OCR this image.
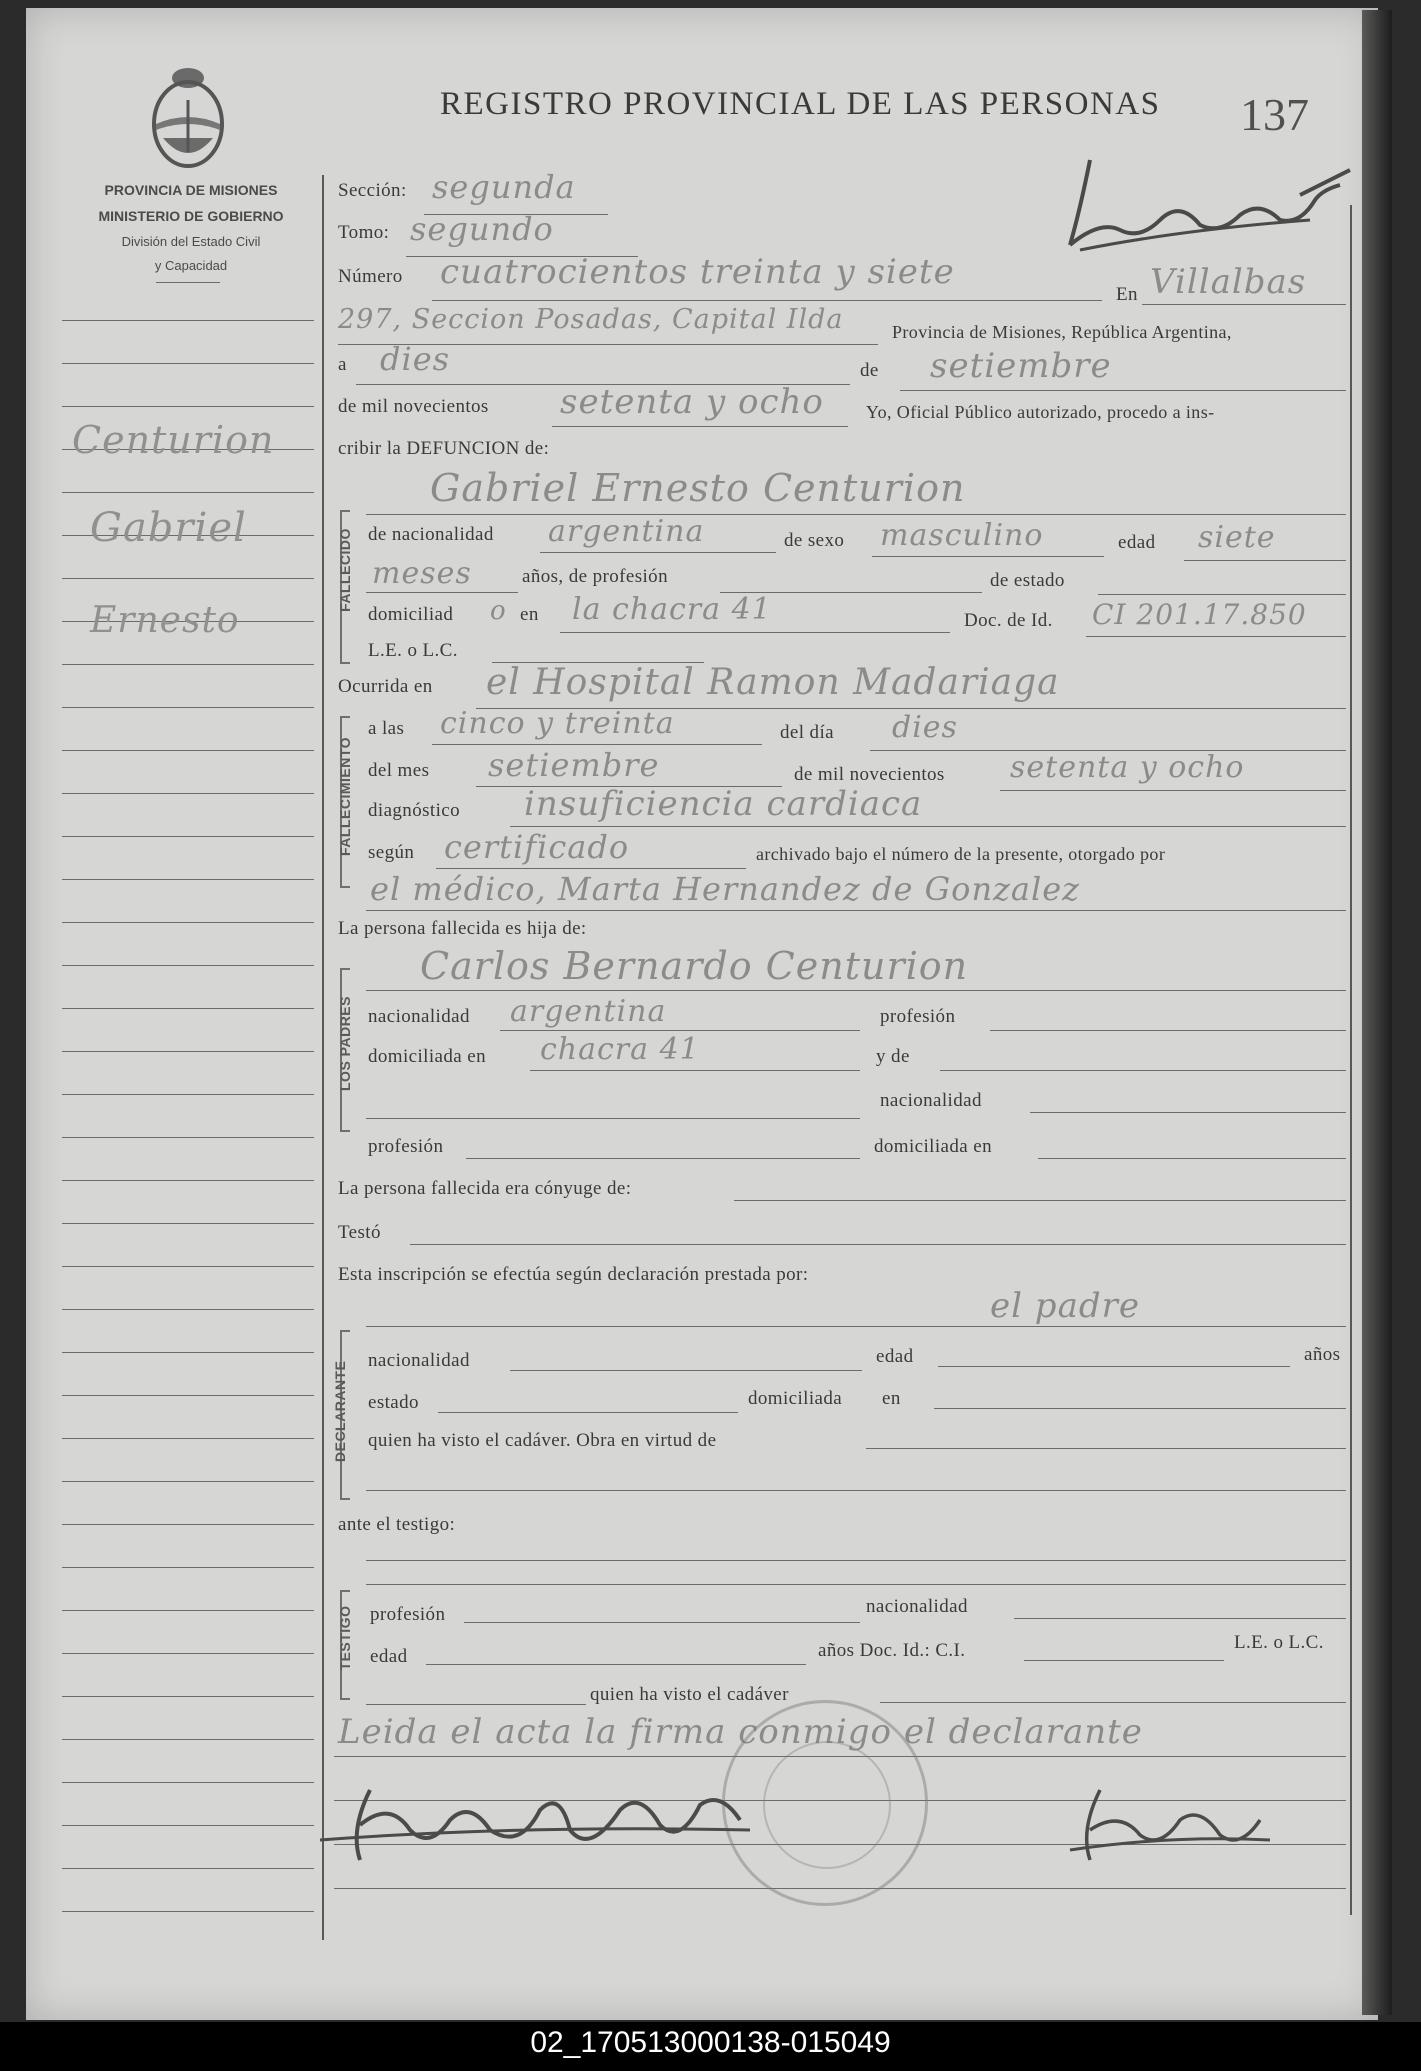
PROVINCIA DE MISIONES
MINISTERIO DE GOBIERNO
División del Estado Civil
y Capacidad
REGISTRO PROVINCIAL DE LAS PERSONAS 137
Centurion
Gabriel
Ernesto
Sección: segunda
Tomo: segundo
Número cuatrocientos treinta y siete
En Villalbas
297, Seccion Posadas, Capital Ilda	Provincia de Misiones, República Argentina,
a dies	de setiembre
de mil novecientos setenta y ocho Yo, Oficial Público autorizado, procedo a ins-
cribir la DEFUNCION de:
FALLECIDO
Gabriel Ernesto Centurion
de nacionalidad argentina	de sexo masculino	edad siete
meses	años, de profesión	de estado
domiciliad o en la chacra 41	Doc. de Id. CI 201.17.850
L.E. o L.C.
Ocurrida en el Hospital Ramon Madariaga
FALLECIMIENTO
a las cinco y treinta	del día dies
del mes setiembre	de mil novecientos setenta y ocho
diagnóstico insuficiencia cardiaca
según certificado	archivado bajo el número de la presente, otorgado por
el médico, Marta Hernandez de Gonzalez
La persona fallecida es hija de:
LOS PADRES
Carlos Bernardo Centurion
nacionalidad argentina	profesión
domiciliada en chacra 41	y de
nacionalidad
profesión	domiciliada en
La persona fallecida era cónyuge de:
Testó
Esta inscripción se efectúa según declaración prestada por:
el padre
DECLARANTE
nacionalidad	edad	años
estado	domiciliada en
quien ha visto el cadáver. Obra en virtud de
ante el testigo:
TESTIGO profesión	nacionalidad
edad	años Doc. Id.: C.I.	L.E. o L.C.
quien ha visto el cadáver
Leida el acta la firma conmigo el declarante
02_170513000138-015049
